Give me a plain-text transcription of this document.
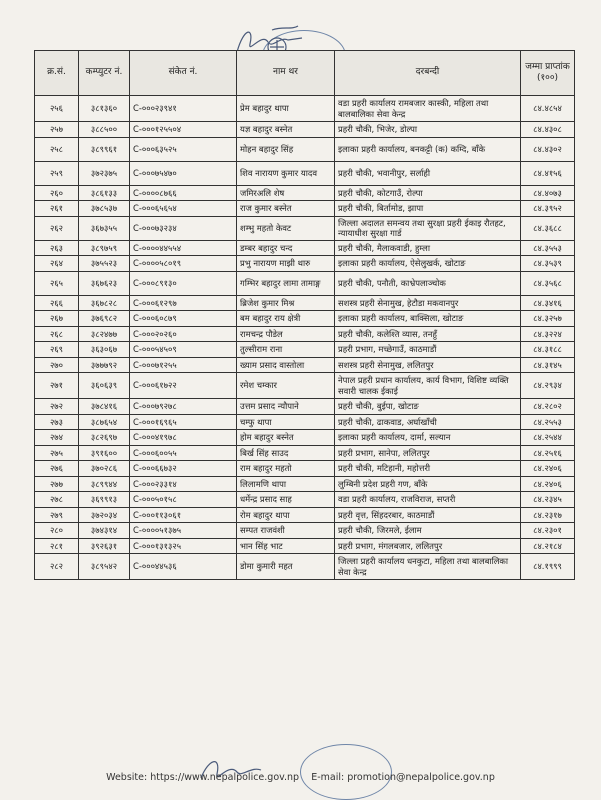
क्र.सं.	कम्प्युटर नं.	संकेत नं.	नाम थर	दरबन्दी	जम्मा प्राप्तांक (१००)
२५६	३८१३६०	C-०००२३९४१	प्रेम बहादुर थापा	वडा प्रहरी कार्यालय रामबजार कास्की, महिला तथा बालबालिका सेवा केन्द्र	८४.४८५४
२५७	३८८५००	C-०००१२५५०४	यज्ञ बहादुर बस्नेत	प्रहरी चौकी, भिजेर, डोल्पा	८४.४३०८
२५८	३८९९६१	C-०००६३५२५	मोहन बहादुर सिंह	इलाका प्रहरी कार्यालय, बनकट्टी (क) कम्दि, बाँके	८४.४३०२
२५९	३७२३७५	C-०००७५४७०	शिव नारायण कुमार यादव	प्रहरी चौकी, भवानीपुर, सर्लाही	८४.४१५६
२६०	३८६१३३	C-००००८७६६	जमिरअलि शेष	प्रहरी चौकी, कोटगाउँ, रोल्पा	८४.४०७३
२६१	३७८५३७	C-०००६५६५४	राज कुमार बस्नेत	प्रहरी चौकी, बिर्तामोड, झापा	८४.३९५२
२६२	३६७३५५	C-०००७३२३४	शम्भु महतो केवट	जिल्ला अदालत समन्वय तथा सुरक्षा प्रहरी ईकाइ रौतहट, न्यायाधीश सुरक्षा गार्ड	८४.३६८८
२६३	३८९७५९	C-००००४४५५४	डम्बर बहादुर चन्द	प्रहरी चौकी, मैलाकवाडी, हुम्ला	८४.३५५३
२६४	३७५५२३	C-००००५८०१९	प्रभु नारायण माझी थारु	इलाका प्रहरी कार्यालय, ऐसेलुखर्क, खोटाङ	८४.३५३९
२६५	३६७६२३	C-०००८९१३०	गम्भिर बहादुर लामा तामाङ्ग	प्रहरी चौकी, पनौती, काभ्रेपलाञ्चोक	८४.३५६८
२६६	३६७८२८	C-०००६१२९७	ब्रिजेश कुमार मिश्र	सशस्त्र प्रहरी सेनामुख, हेटौडा मकवानपुर	८४.३४१६
२६७	३७६९८२	C-०००६०८७९	बम बहादुर राय क्षेत्री	इलाका प्रहरी कार्यालय, बाक्सिला, खोटाङ	८४.३२५७
२६८	३८२४७७	C-०००२०२६०	रामचन्द्र पौडेल	प्रहरी चौकी, कलेश्ति व्यास, तनहुँ	८४.३२२४
२६९	३६३०६७	C-०००५४५०९	तुल्सीराम राना	प्रहरी प्रभाग, मच्छेगाउँ, काठमाडौं	८४.३१८८
२७०	३७७७९२	C-०००७१२५५	ख्याम प्रसाद वास्तोला	सशस्त्र प्रहरी सेनामुख, ललितपुर	८४.३१४५
२७१	३६०६३९	C-०००६१७२२	रमेश चम्कार	नेपाल प्रहरी प्रधान कार्यालय, कार्य विभाग, विशिष्ट व्यक्ति सवारी चालक ईकाई	८४.२९३४
२७२	३७८४१६	C-०००७९२७८	उत्तम प्रसाद न्यौपाने	प्रहरी चौकी, बुईपा, खोटाङ	८४.२८०२
२७३	३८७६५४	C-०००१६९६५	चम्फु थापा	प्रहरी चौकी, ढाकवाड, अर्घाखाँची	८४.२५५३
२७४	३८२६९७	C-०००४१९७८	होम बहादुर बस्नेत	इलाका प्रहरी कार्यालय, दार्मा, सल्यान	८४.२५४४
२७५	३९१६००	C-०००६००५५	बिर्ख सिंह साउद	प्रहरी प्रभाग, सानेपा, ललितपुर	८४.२५१६
२७६	३७०२८६	C-०००६६७३२	राम बहादुर महतो	प्रहरी चौकी, मटिहानी, महोत्तरी	८४.२४०६
२७७	३८९९४४	C-०००२३३१४	लिलामणि थापा	लुम्बिनी प्रदेश प्रहरी गण, बाँके	८४.२४०६
२७८	३६९९१३	C-०००५०१५८	धर्मेन्द्र प्रसाद साह	वडा प्रहरी कार्यालय, राजविराज, सप्तरी	८४.२३४५
२७९	३७२०३४	C-०००११३०६१	रोम बहादुर थापा	प्रहरी वृत्त, सिंहदरबार, काठमाडौं	८४.२३१७
२८०	३७४३१४	C-००००५१३७५	सम्पत राजवंशी	प्रहरी चौकी, जिरमले, ईलाम	८४.२३०१
२८१	३९२६३१	C-०००१३१३२५	भान सिंह भाट	प्रहरी प्रभाग, मंगलबजार, ललितपुर	८४.२१८४
२८२	३८९५४२	C-०००४४५३६	डोमा कुमारी महत	जिल्ला प्रहरी कार्यालय धनकुटा, महिला तथा बालबालिका सेवा केन्द्र	८४.१९९९
Website: https://www.nepalpolice.gov.np E-mail: promotion@nepalpolice.gov.np
